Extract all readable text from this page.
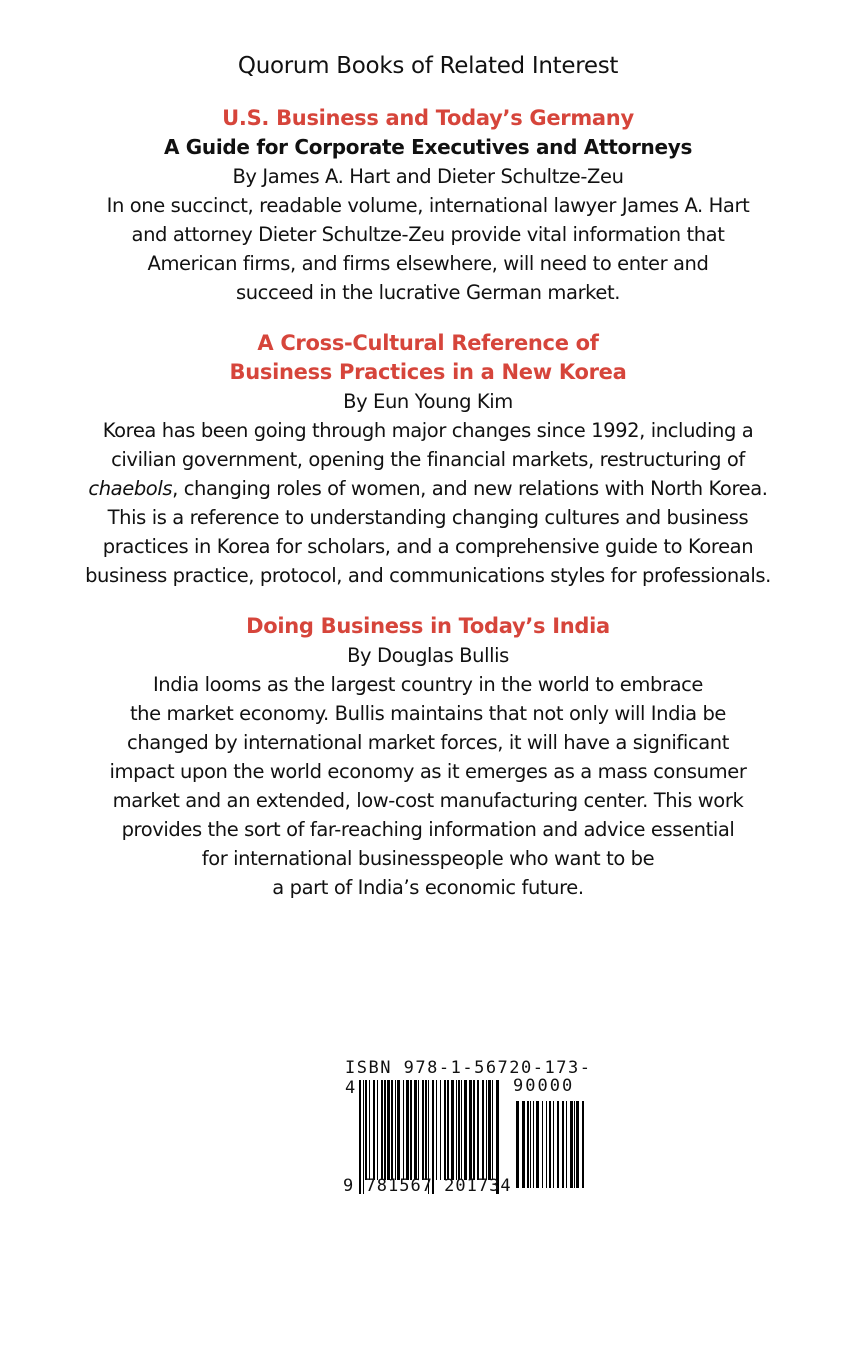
Quorum Books of Related Interest
U.S. Business and Today’s Germany
A Guide for Corporate Executives and Attorneys
By James A. Hart and Dieter Schultze-Zeu
In one succinct, readable volume, international lawyer James A. Hart
and attorney Dieter Schultze-Zeu provide vital information that
American firms, and firms elsewhere, will need to enter and
succeed in the lucrative German market.
A Cross-Cultural Reference of
Business Practices in a New Korea
By Eun Young Kim
Korea has been going through major changes since 1992, including a
civilian government, opening the financial markets, restructuring of
chaebols, changing roles of women, and new relations with North Korea.
This is a reference to understanding changing cultures and business
practices in Korea for scholars, and a comprehensive guide to Korean
business practice, protocol, and communications styles for professionals.
Doing Business in Today’s India
By Douglas Bullis
India looms as the largest country in the world to embrace
the market economy. Bullis maintains that not only will India be
changed by international market forces, it will have a significant
impact upon the world economy as it emerges as a mass consumer
market and an extended, low-cost manufacturing center. This work
provides the sort of far-reaching information and advice essential
for international businesspeople who want to be
a part of India’s economic future.
ISBN 978-1-56720-173-4	90000
9 781567 201734
